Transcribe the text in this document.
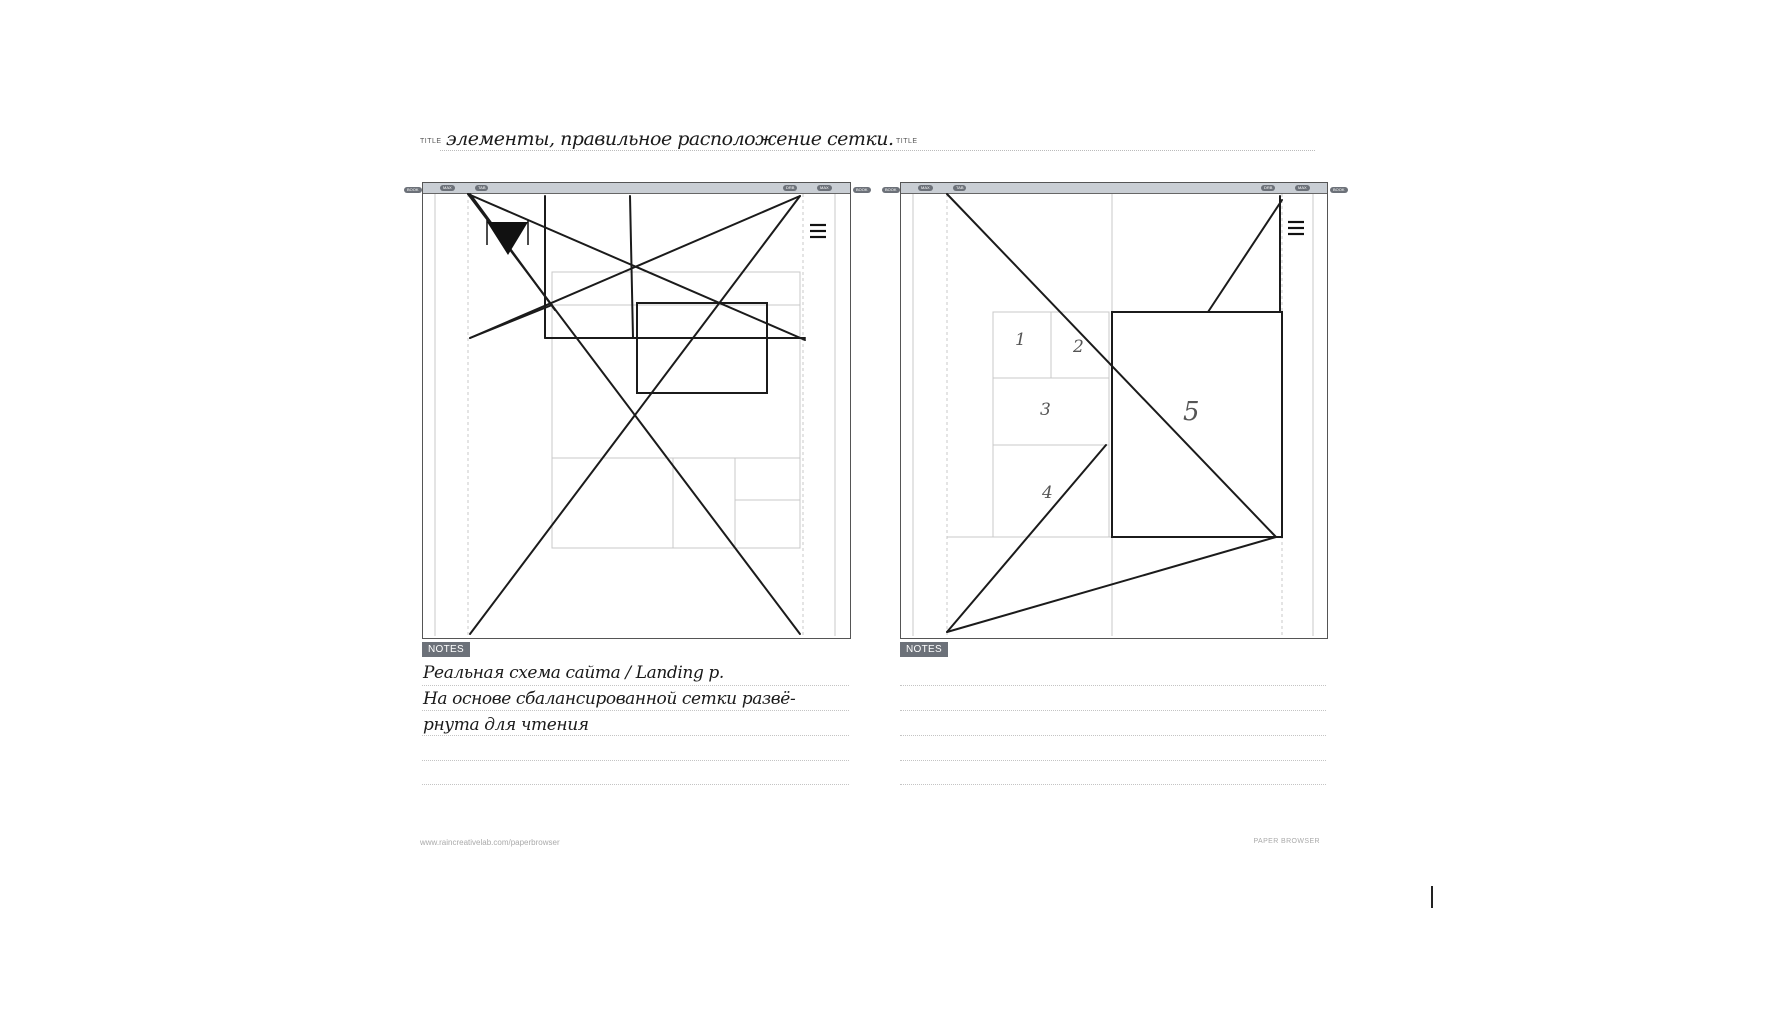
TITLE	TITLE
элементы, правильное расположение сетки.
MAX	TAB	DRB	MAX
BOOK	BOOK	MAX	TAB	DRB	MAX
BOOK	BOOK
1	2
3
4
5
NOTES
Реальная схема сайта / Landing p.
На основе сбалансированной сетки развё-
рнута для чтения
NOTES
www.raincreativelab.com/paperbrowser	PAPER BROWSER
